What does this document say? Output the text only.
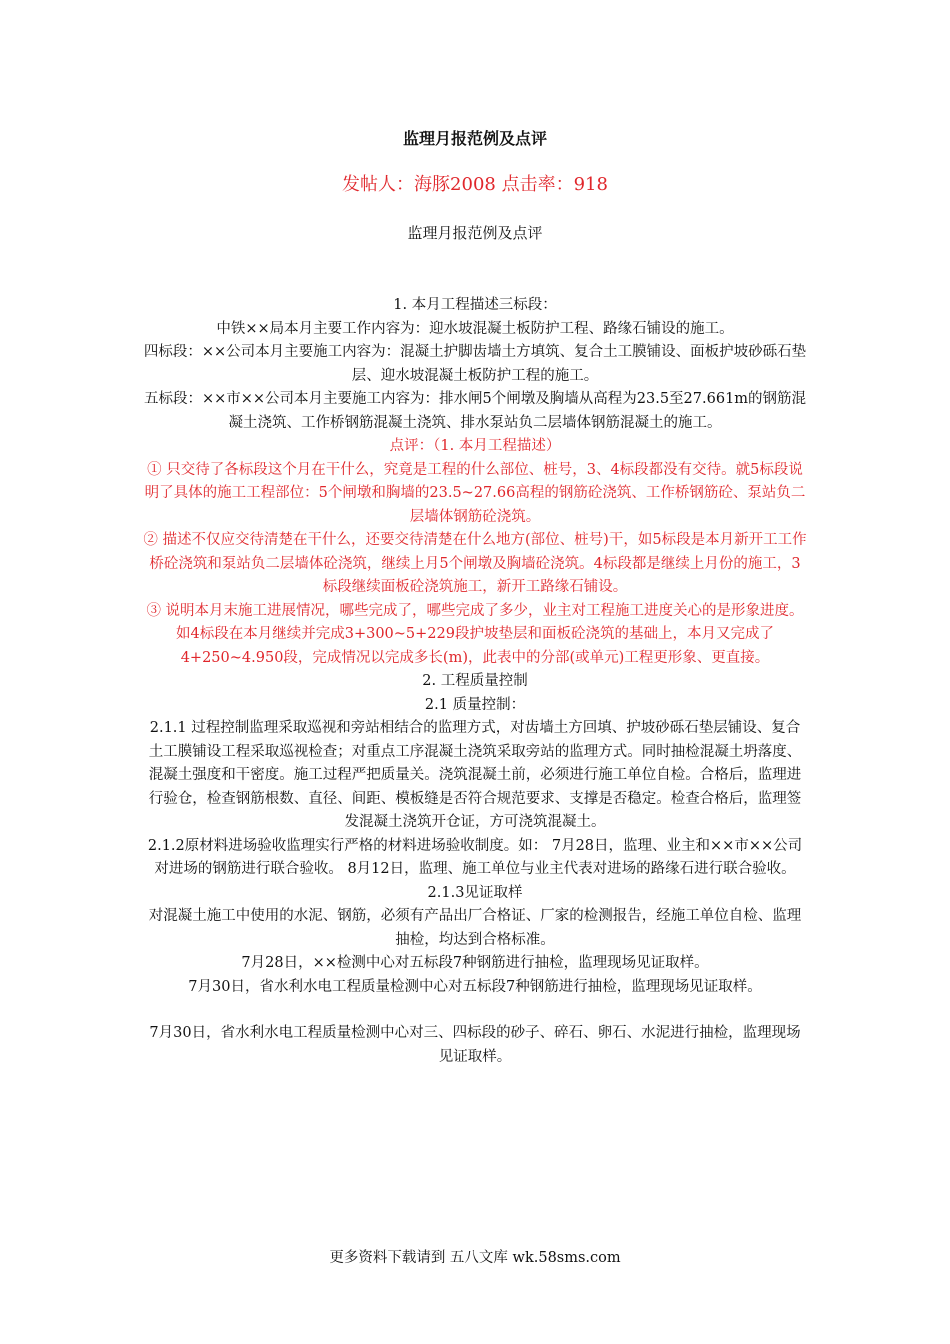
监理月报范例及点评
发帖人：海豚2008 点击率：918
监理月报范例及点评

1. 本月工程描述三标段：

中铁××局本月主要工作内容为：迎水坡混凝土板防护工程、路缘石铺设的施工。

四标段：××公司本月主要施工内容为：混凝土护脚齿墙土方填筑、复合土工膜铺设、面板护坡砂砾石垫层、迎水坡混凝土板防护工程的施工。

五标段：××市××公司本月主要施工内容为：排水闸5个闸墩及胸墙从高程为23.5至27.661m的钢筋混凝土浇筑、工作桥钢筋混凝土浇筑、排水泵站负二层墙体钢筋混凝土的施工。

点评：（1. 本月工程描述）

① 只交待了各标段这个月在干什么，究竟是工程的什么部位、桩号，3、4标段都没有交待。就5标段说明了具体的施工工程部位：5个闸墩和胸墙的23.5~27.66高程的钢筋砼浇筑、工作桥钢筋砼、泵站负二层墙体钢筋砼浇筑。

② 描述不仅应交待清楚在干什么，还要交待清楚在什么地方(部位、桩号)干，如5标段是本月新开工工作桥砼浇筑和泵站负二层墙体砼浇筑，继续上月5个闸墩及胸墙砼浇筑。4标段都是继续上月份的施工，3标段继续面板砼浇筑施工，新开工路缘石铺设。

③ 说明本月末施工进展情况，哪些完成了，哪些完成了多少，业主对工程施工进度关心的是形象进度。如4标段在本月继续并完成3+300~5+229段护坡垫层和面板砼浇筑的基础上，本月又完成了4+250~4.950段，完成情况以完成多长(m)，此表中的分部(或单元)工程更形象、更直接。

2. 工程质量控制

2.1 质量控制：

2.1.1 过程控制监理采取巡视和旁站相结合的监理方式，对齿墙土方回填、护坡砂砾石垫层铺设、复合土工膜铺设工程采取巡视检查；对重点工序混凝土浇筑采取旁站的监理方式。同时抽检混凝土坍落度、混凝土强度和干密度。施工过程严把质量关。浇筑混凝土前，必须进行施工单位自检。合格后，监理进行验仓，检查钢筋根数、直径、间距、模板缝是否符合规范要求、支撑是否稳定。检查合格后，监理签发混凝土浇筑开仓证，方可浇筑混凝土。

2.1.2原材料进场验收监理实行严格的材料进场验收制度。如： 7月28日，监理、业主和××市××公司对进场的钢筋进行联合验收。 8月12日，监理、施工单位与业主代表对进场的路缘石进行联合验收。

2.1.3见证取样

对混凝土施工中使用的水泥、钢筋，必须有产品出厂合格证、厂家的检测报告，经施工单位自检、监理抽检，均达到合格标准。

7月28日，××检测中心对五标段7种钢筋进行抽检，监理现场见证取样。

7月30日，省水利水电工程质量检测中心对五标段7种钢筋进行抽检，监理现场见证取样。

7月30日，省水利水电工程质量检测中心对三、四标段的砂子、碎石、卵石、水泥进行抽检，监理现场见证取样。

更多资料下载请到 五八文库 wk.58sms.com
